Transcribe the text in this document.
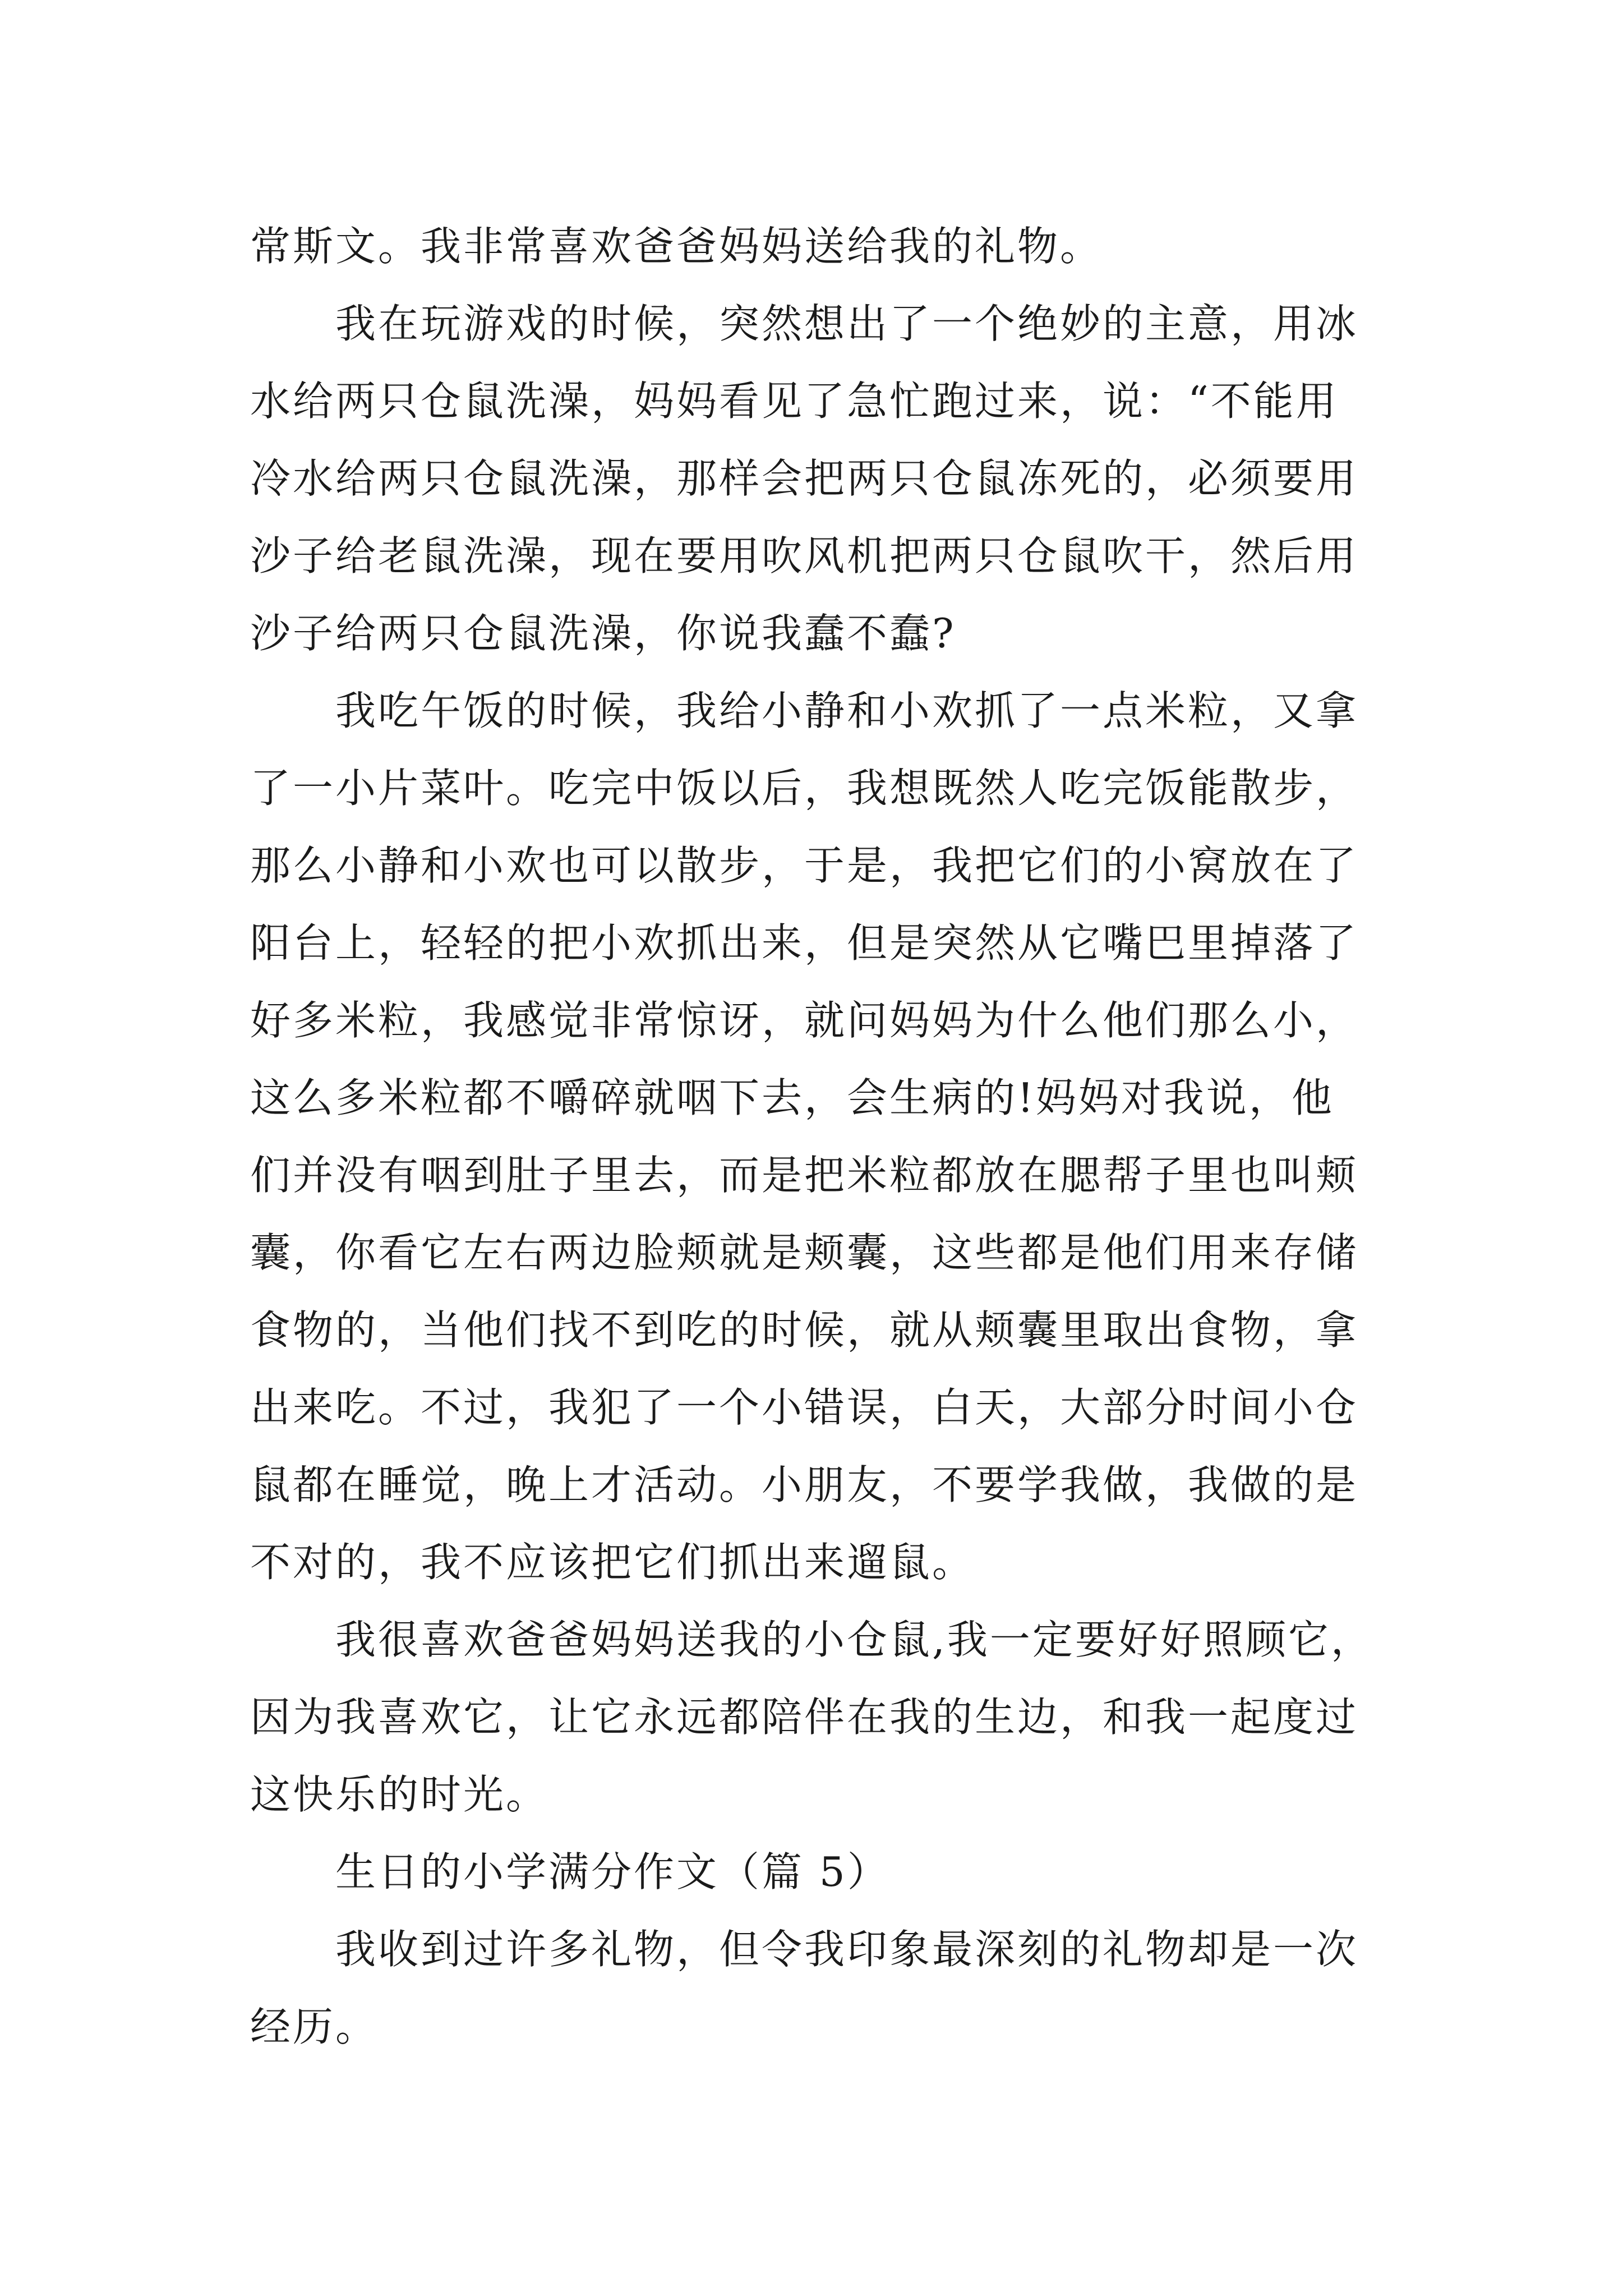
常斯文。我非常喜欢爸爸妈妈送给我的礼物。
我在玩游戏的时候，突然想出了一个绝妙的主意，用冰
水给两只仓鼠洗澡，妈妈看见了急忙跑过来，说：“不能用
冷水给两只仓鼠洗澡，那样会把两只仓鼠冻死的，必须要用
沙子给老鼠洗澡，现在要用吹风机把两只仓鼠吹干，然后用
沙子给两只仓鼠洗澡，你说我蠢不蠢?
我吃午饭的时候，我给小静和小欢抓了一点米粒，又拿
了一小片菜叶。吃完中饭以后，我想既然人吃完饭能散步，
那么小静和小欢也可以散步，于是，我把它们的小窝放在了
阳台上，轻轻的把小欢抓出来，但是突然从它嘴巴里掉落了
好多米粒，我感觉非常惊讶，就问妈妈为什么他们那么小，
这么多米粒都不嚼碎就咽下去，会生病的!妈妈对我说，他
们并没有咽到肚子里去，而是把米粒都放在腮帮子里也叫颊
囊，你看它左右两边脸颊就是颊囊，这些都是他们用来存储
食物的，当他们找不到吃的时候，就从颊囊里取出食物，拿
出来吃。不过，我犯了一个小错误，白天，大部分时间小仓
鼠都在睡觉，晚上才活动。小朋友，不要学我做，我做的是
不对的，我不应该把它们抓出来遛鼠。
我很喜欢爸爸妈妈送我的小仓鼠,我一定要好好照顾它，
因为我喜欢它，让它永远都陪伴在我的生边，和我一起度过
这快乐的时光。
生日的小学满分作文（篇 5）
我收到过许多礼物，但令我印象最深刻的礼物却是一次
经历。
